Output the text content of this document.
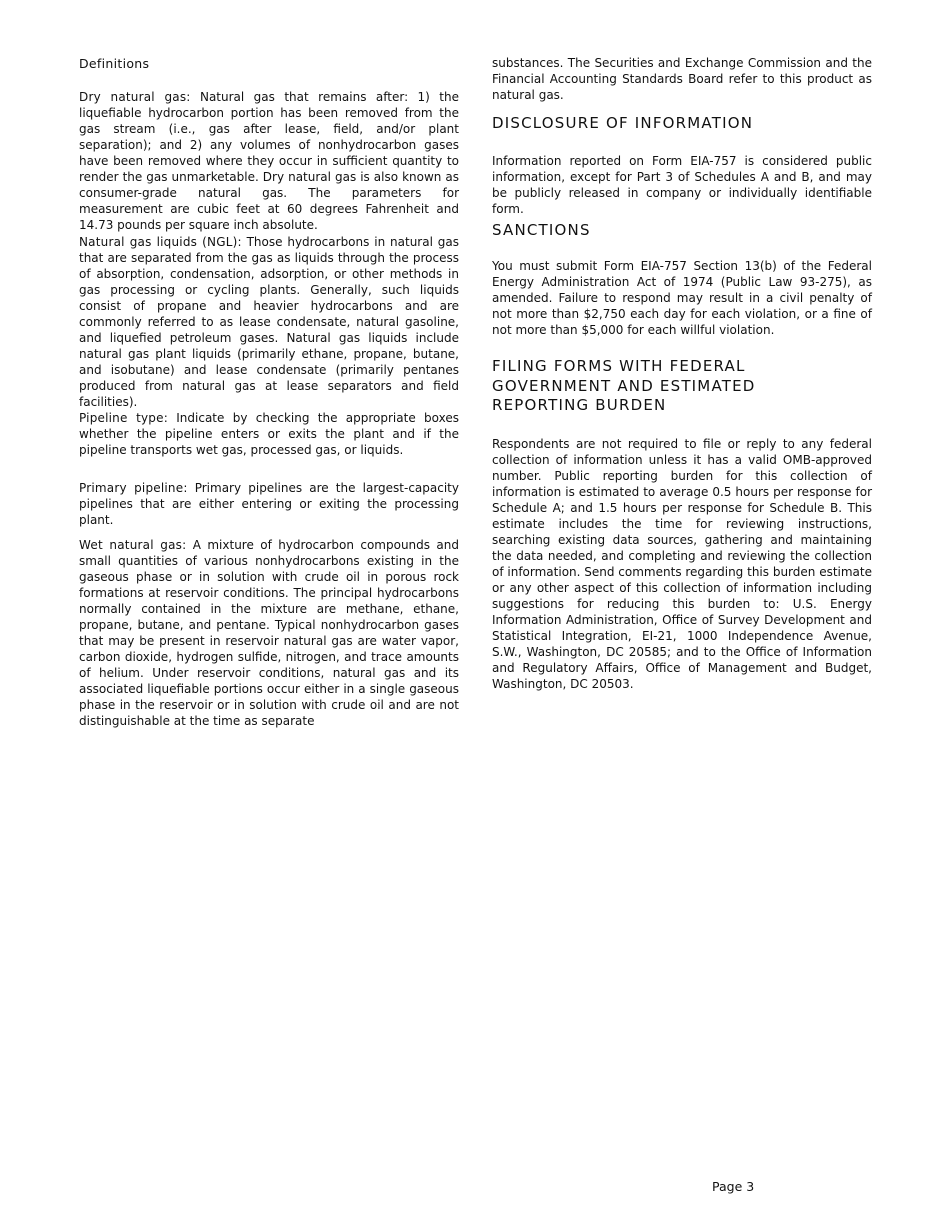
Definitions

Dry natural gas: Natural gas that remains after: 1) the liquefiable hydrocarbon portion has been removed from the gas stream (i.e., gas after lease, field, and/or plant separation); and 2) any volumes of nonhydrocarbon gases have been removed where they occur in sufficient quantity to render the gas unmarketable. Dry natural gas is also known as consumer-grade natural gas. The parameters for measurement are cubic feet at 60 degrees Fahrenheit and 14.73 pounds per square inch absolute.

Natural gas liquids (NGL): Those hydrocarbons in natural gas that are separated from the gas as liquids through the process of absorption, condensation, adsorption, or other methods in gas processing or cycling plants. Generally, such liquids consist of propane and heavier hydrocarbons and are commonly referred to as lease condensate, natural gasoline, and liquefied petroleum gases. Natural gas liquids include natural gas plant liquids (primarily ethane, propane, butane, and isobutane) and lease condensate (primarily pentanes produced from natural gas at lease separators and field facilities).

Pipeline type: Indicate by checking the appropriate boxes whether the pipeline enters or exits the plant and if the pipeline transports wet gas, processed gas, or liquids.

Primary pipeline: Primary pipelines are the largest-capacity pipelines that are either entering or exiting the processing plant.

Wet natural gas: A mixture of hydrocarbon compounds and small quantities of various nonhydrocarbons existing in the gaseous phase or in solution with crude oil in porous rock formations at reservoir conditions. The principal hydrocarbons normally contained in the mixture are methane, ethane, propane, butane, and pentane. Typical nonhydrocarbon gases that may be present in reservoir natural gas are water vapor, carbon dioxide, hydrogen sulfide, nitrogen, and trace amounts of helium. Under reservoir conditions, natural gas and its associated liquefiable portions occur either in a single gaseous phase in the reservoir or in solution with crude oil and are not distinguishable at the time as separate

substances. The Securities and Exchange Commission and the Financial Accounting Standards Board refer to this product as natural gas.

DISCLOSURE OF INFORMATION

Information reported on Form EIA-757 is considered public information, except for Part 3 of Schedules A and B, and may be publicly released in company or individually identifiable form.

SANCTIONS

You must submit Form EIA-757 Section 13(b) of the Federal Energy Administration Act of 1974 (Public Law 93-275), as amended. Failure to respond may result in a civil penalty of not more than $2,750 each day for each violation, or a fine of not more than $5,000 for each willful violation.

FILING FORMS WITH FEDERAL
GOVERNMENT AND ESTIMATED
REPORTING BURDEN

Respondents are not required to file or reply to any federal collection of information unless it has a valid OMB-approved number. Public reporting burden for this collection of information is estimated to average 0.5 hours per response for Schedule A; and 1.5 hours per response for Schedule B. This estimate includes the time for reviewing instructions, searching existing data sources, gathering and maintaining the data needed, and completing and reviewing the collection of information. Send comments regarding this burden estimate or any other aspect of this collection of information including suggestions for reducing this burden to: U.S. Energy Information Administration, Office of Survey Development and Statistical Integration, EI-21, 1000 Independence Avenue, S.W., Washington, DC 20585; and to the Office of Information and Regulatory Affairs, Office of Management and Budget, Washington, DC 20503.

Page 3
